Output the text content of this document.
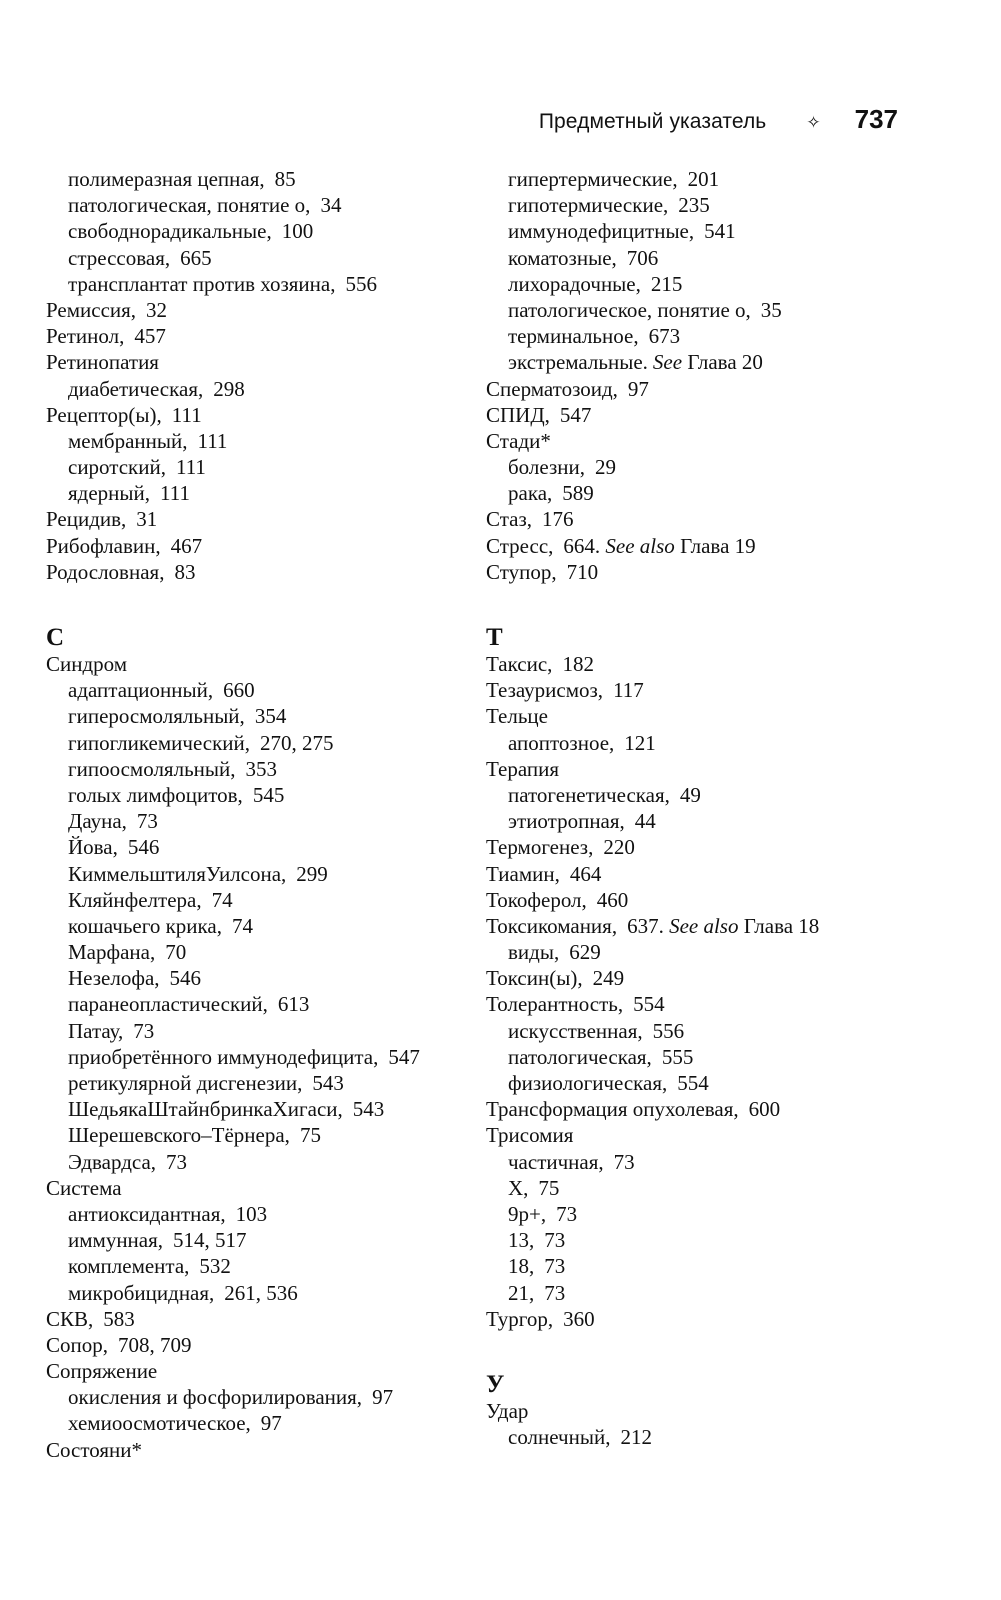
Предметный указатель ✧ 737
полимеразная цепная, 85
патологическая, понятие о, 34
свободнорадикальные, 100
стрессовая, 665
трансплантат против хозяина, 556
Ремиссия, 32
Ретинол, 457
Ретинопатия
диабетическая, 298
Рецептор(ы), 111
мембранный, 111
сиротский, 111
ядерный, 111
Рецидив, 31
Рибофлавин, 467
Родословная, 83
С
Синдром
адаптационный, 660
гиперосмоляльный, 354
гипогликемический, 270, 275
гипоосмоляльный, 353
голых лимфоцитов, 545
Дауна, 73
Йова, 546
КиммельштиляУилсона, 299
Кляйнфелтера, 74
кошачьего крика, 74
Марфана, 70
Незелофа, 546
паранеопластический, 613
Патау, 73
приобретённого иммунодефицита, 547
ретикулярной дисгенезии, 543
ШедьякаШтайнбринкаХигаси, 543
Шерешевского–Тёрнера, 75
Эдвардса, 73
Система
антиоксидантная, 103
иммунная, 514, 517
комплемента, 532
микробицидная, 261, 536
СКВ, 583
Сопор, 708, 709
Сопряжение
окисления и фосфорилирования, 97
хемиоосмотическое, 97
Состояни*
гипертермические, 201
гипотермические, 235
иммунодефицитные, 541
коматозные, 706
лихорадочные, 215
патологическое, понятие о, 35
терминальное, 673
экстремальные. See Глава 20
Сперматозоид, 97
СПИД, 547
Стади*
болезни, 29
рака, 589
Стаз, 176
Стресс, 664. See also Глава 19
Ступор, 710
Т
Таксис, 182
Тезаурисмоз, 117
Тельце
апоптозное, 121
Терапия
патогенетическая, 49
этиотропная, 44
Термогенез, 220
Тиамин, 464
Токоферол, 460
Токсикомания, 637. See also Глава 18
виды, 629
Токсин(ы), 249
Толерантность, 554
искусственная, 556
патологическая, 555
физиологическая, 554
Трансформация опухолевая, 600
Трисомия
частичная, 73
X, 75
9p+, 73
13, 73
18, 73
21, 73
Тургор, 360
У
Удар
солнечный, 212
